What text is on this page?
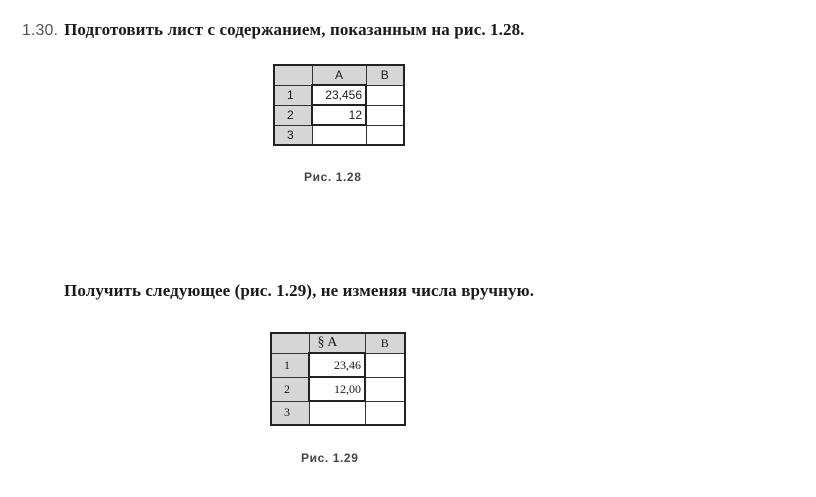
1.30. Подготовить лист с содержанием, показанным на рис. 1.28.
	A	B
1	23,456	
2	12	
3		
Рис. 1.28
Получить следующее (рис. 1.29), не изменяя числа вручную.
	§ A	B
1	23,46	
2	12,00	
3		
Рис. 1.29
